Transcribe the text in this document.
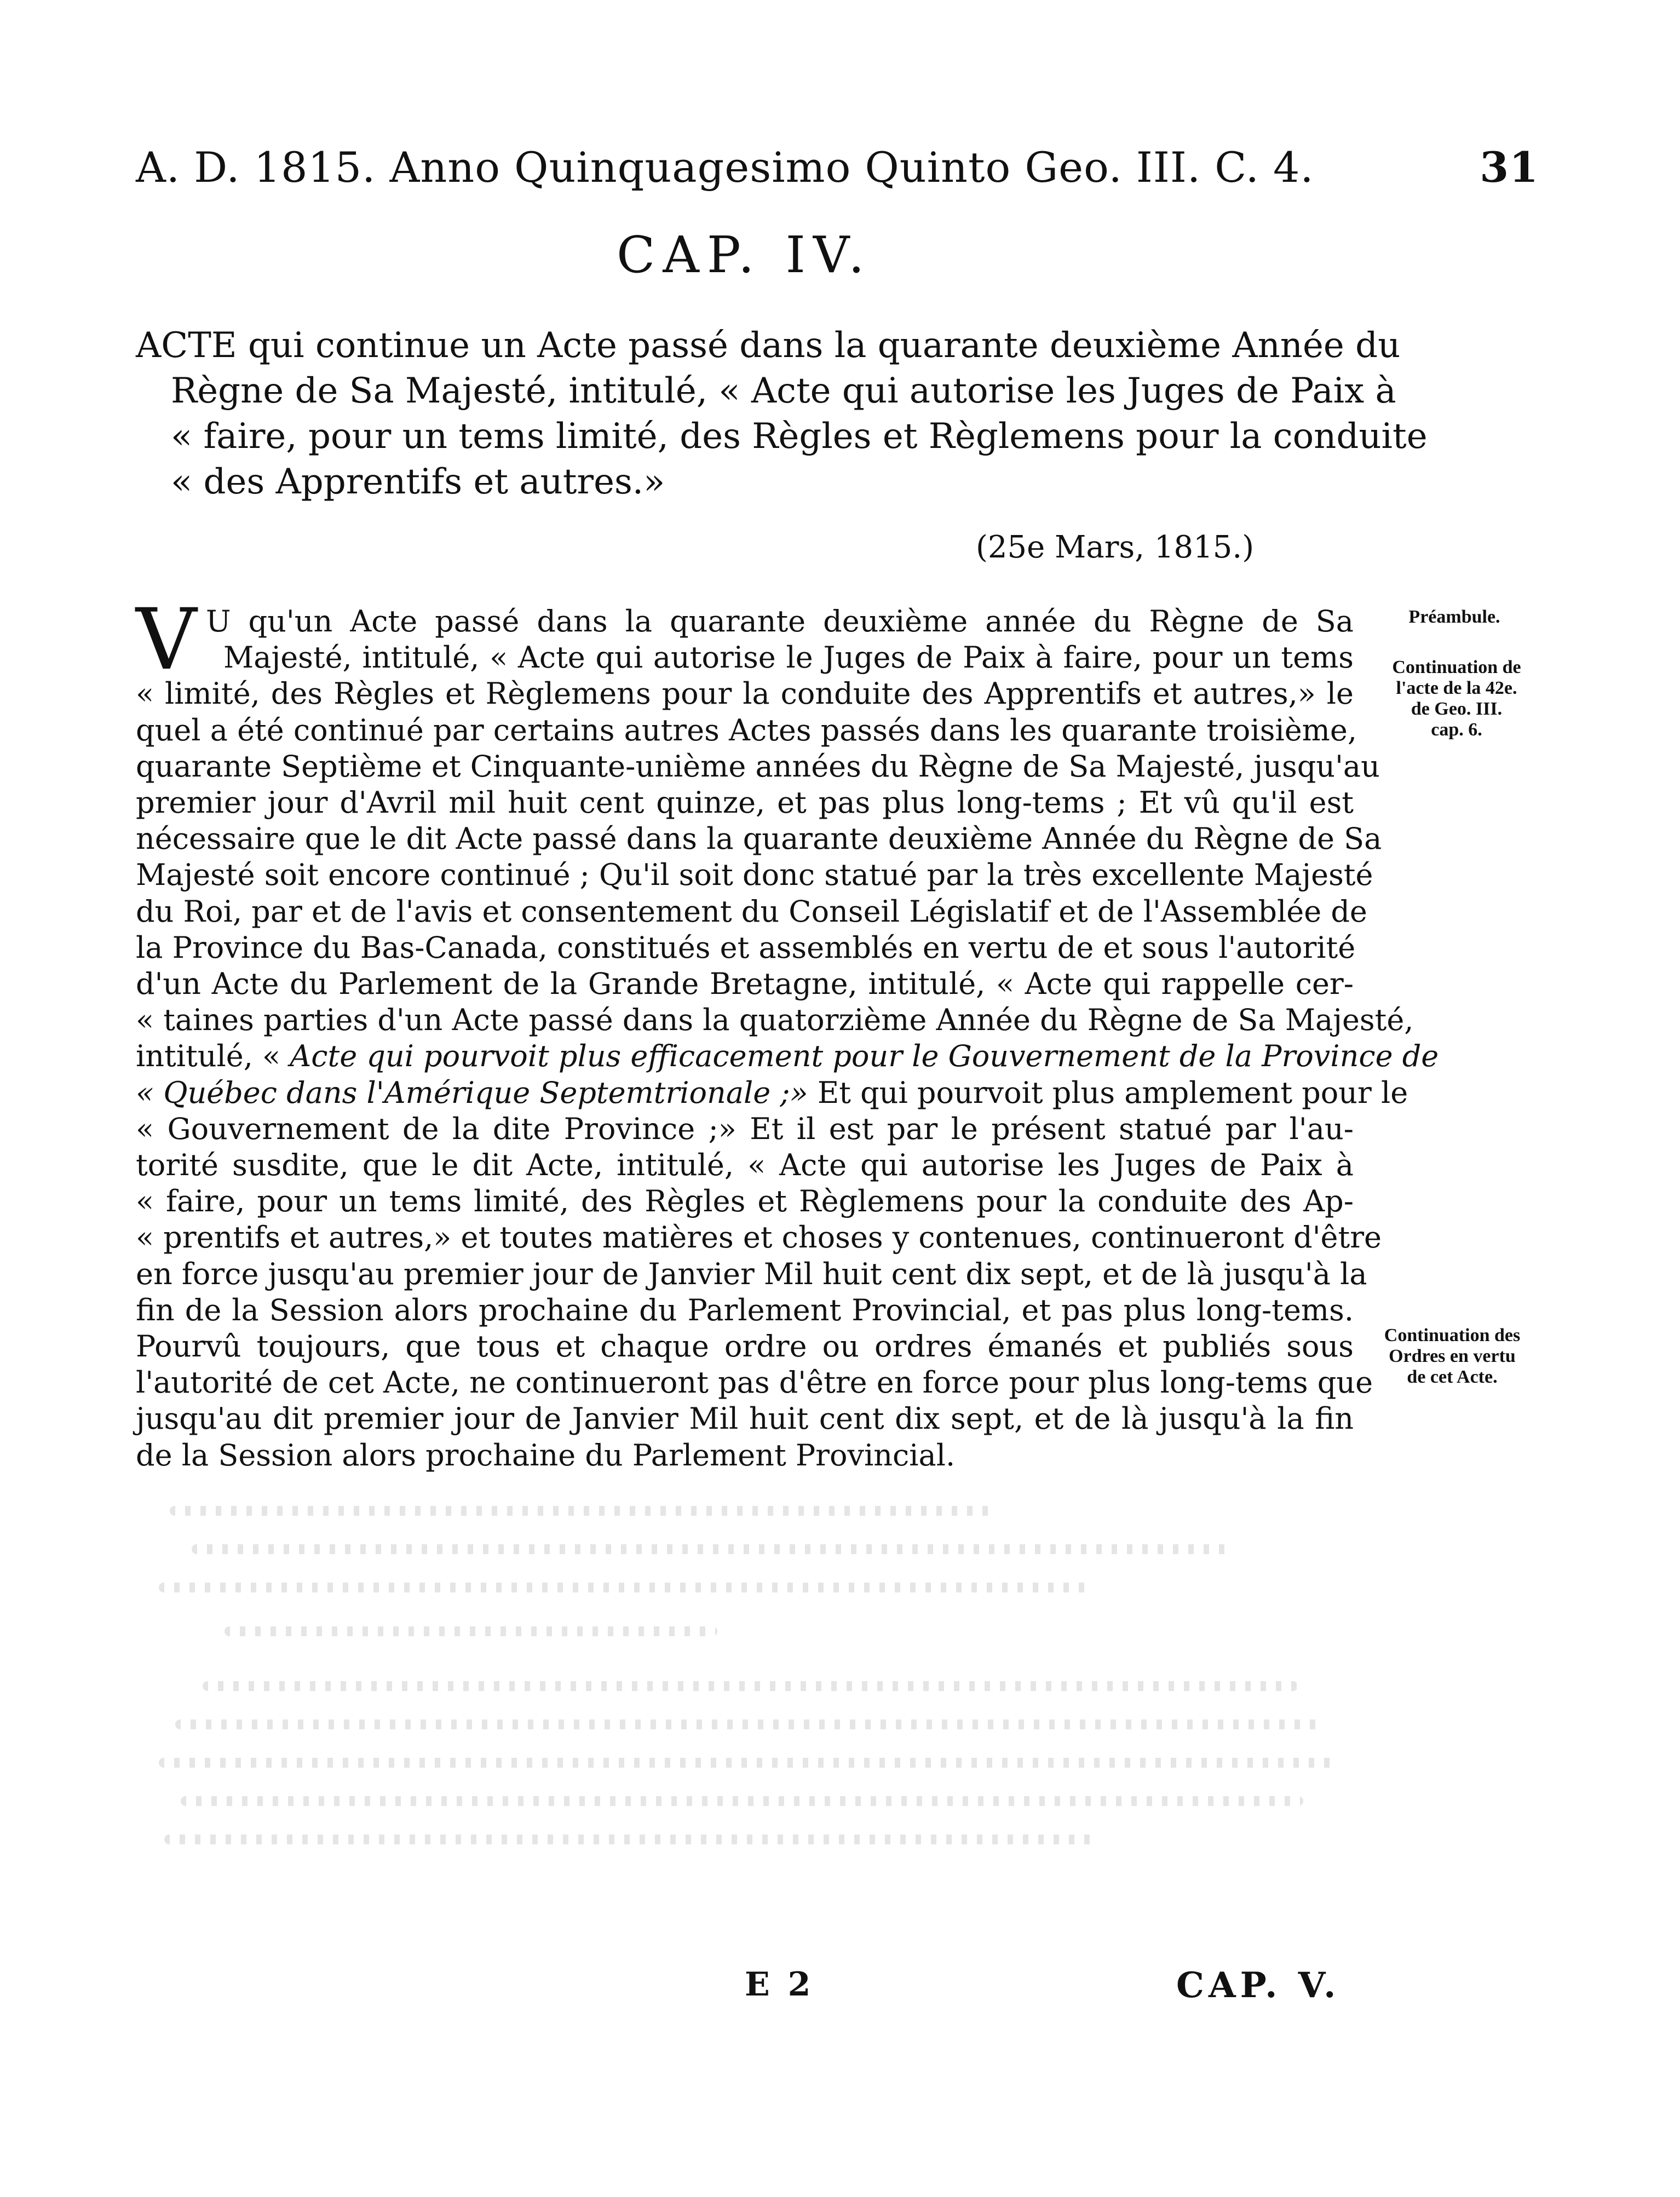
A. D. 1815. Anno Quinquagesimo Quinto Geo. III. C. 4.	31
CAP. IV.
ACTE qui continue un Acte passé dans la quarante deuxième Année du
Règne de Sa Majesté, intitulé, « Acte qui autorise les Juges de Paix à
« faire, pour un tems limité, des Règles et Règlemens pour la conduite
« des Apprentifs et autres.»
(25e Mars, 1815.)
V U qu'un Acte passé dans la quarante deuxième année du Règne de Sa
Majesté, intitulé, « Acte qui autorise le Juges de Paix à faire, pour un tems
« limité, des Règles et Règlemens pour la conduite des Apprentifs et autres,» le
quel a été continué par certains autres Actes passés dans les quarante troisième,
quarante Septième et Cinquante-unième années du Règne de Sa Majesté, jusqu'au
premier jour d'Avril mil huit cent quinze, et pas plus long-tems ; Et vû qu'il est
nécessaire que le dit Acte passé dans la quarante deuxième Année du Règne de Sa
Majesté soit encore continué ; Qu'il soit donc statué par la très excellente Majesté
du Roi, par et de l'avis et consentement du Conseil Législatif et de l'Assemblée de
la Province du Bas-Canada, constitués et assemblés en vertu de et sous l'autorité
d'un Acte du Parlement de la Grande Bretagne, intitulé, « Acte qui rappelle cer-
« taines parties d'un Acte passé dans la quatorzième Année du Règne de Sa Majesté,
intitulé, « Acte qui pourvoit plus efficacement pour le Gouvernement de la Province de
« Québec dans l'Amérique Septemtrionale ;» Et qui pourvoit plus amplement pour le
« Gouvernement de la dite Province ;» Et il est par le présent statué par l'au-
torité susdite, que le dit Acte, intitulé, « Acte qui autorise les Juges de Paix à
« faire, pour un tems limité, des Règles et Règlemens pour la conduite des Ap-
« prentifs et autres,» et toutes matières et choses y contenues, continueront d'être
en force jusqu'au premier jour de Janvier Mil huit cent dix sept, et de là jusqu'à la
fin de la Session alors prochaine du Parlement Provincial, et pas plus long-tems.
Pourvû toujours, que tous et chaque ordre ou ordres émanés et publiés sous
l'autorité de cet Acte, ne continueront pas d'être en force pour plus long-tems que
jusqu'au dit premier jour de Janvier Mil huit cent dix sept, et de là jusqu'à la fin
de la Session alors prochaine du Parlement Provincial.
Préambule.
Continuation de
l'acte de la 42e.
de Geo. III.
cap. 6.
Continuation des
Ordres en vertu
de cet Acte.
E 2	CAP. V.
